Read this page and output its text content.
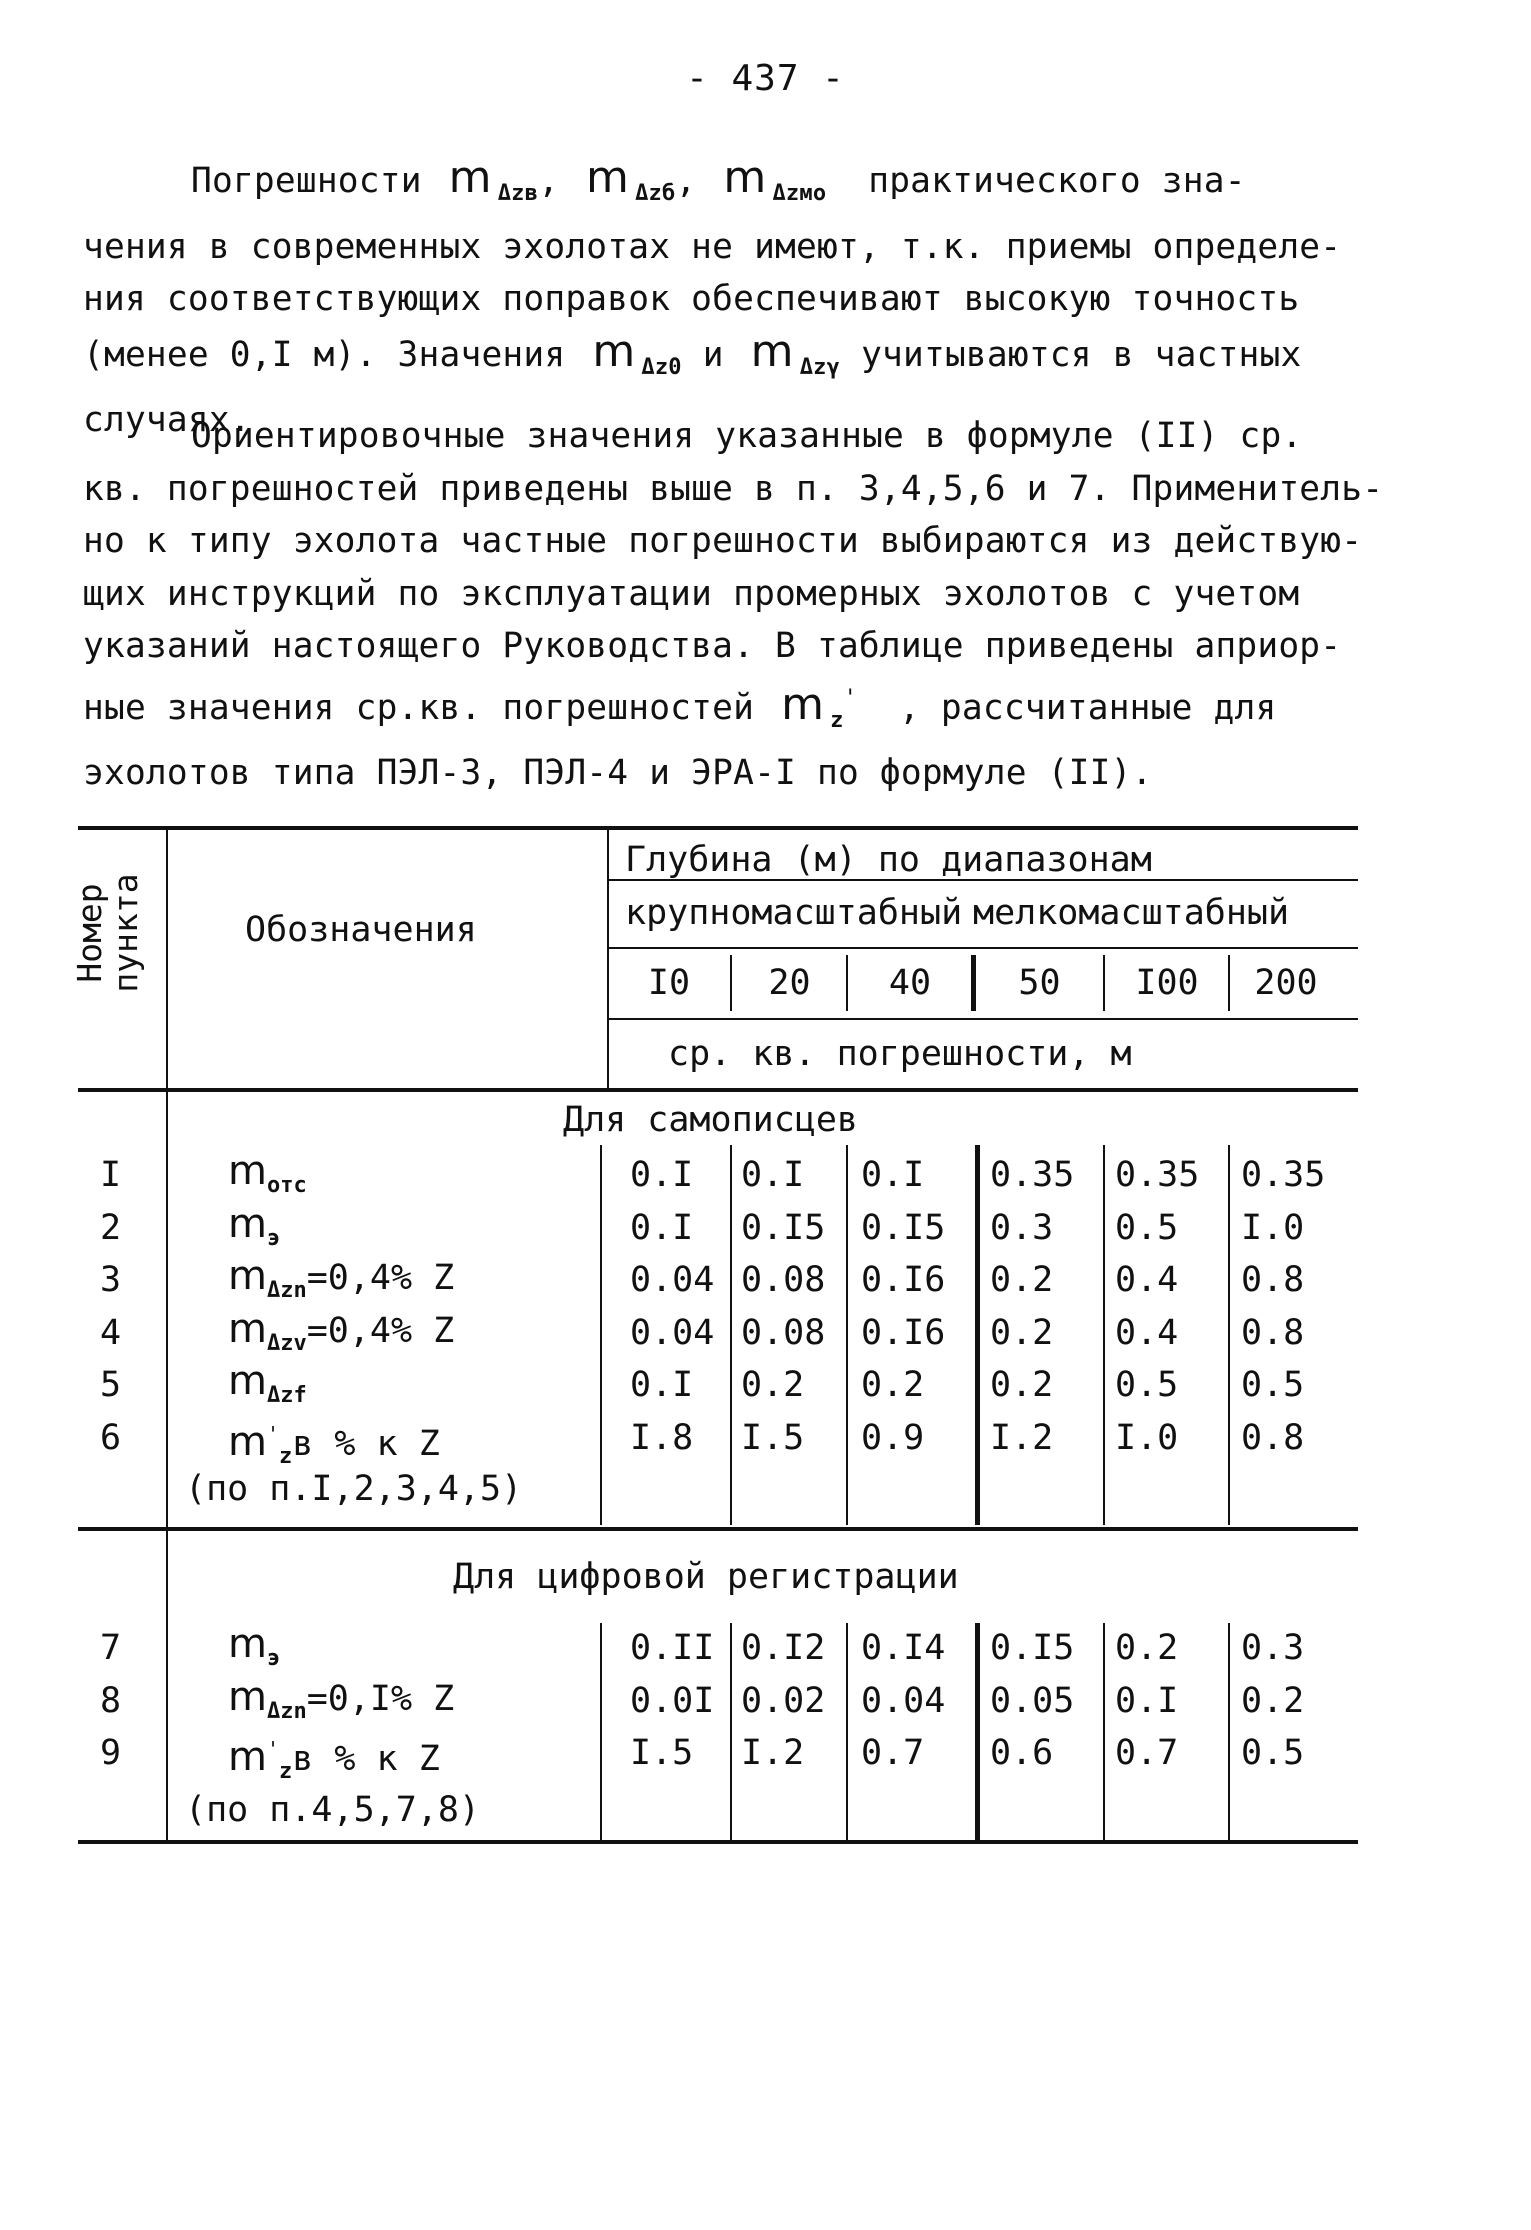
- 437 -
Погрешности m $_{\Delta zв}$, m $_{\Delta zб}$, m $_{\Delta zмо}$ практического зна-
чения в современных эхолотах не имеют, т.к. приемы определе-
ния соответствующих поправок обеспечивают высокую точность
(менее 0,I м). Значения m $_{\Delta z0}$ и m $_{\Delta z\gamma}$ учитываются в частных
случаях.
Ориентировочные значения указанные в формуле (II) ср.
кв. погрешностей приведены выше в п. 3,4,5,6 и 7. Применитель-
но к типу эхолота частные погрешности выбираются из действую-
щих инструкций по эксплуатации промерных эхолотов с учетом
указаний настоящего Руководства. В таблице приведены априор-
ные значения ср.кв. погрешностей m $_z$' , рассчитанные для
эхолотов типа ПЭЛ-3, ПЭЛ-4 и ЭРА-I по формуле (II).
Номер
пункта	Обозначения
Глубина (м) по диапазонам
крупномасштабный мелкомасштабный
I0	20	40	50	I00	200
ср. кв. погрешности, м
Для самописцев
Для цифровой регистрации
I	$m_{отс}$	0.I 0.I 0.I 0.35 0.35 0.35
2	$m_э$	0.I 0.I5 0.I5 0.3 0.5 I.0
3	$m_{\Delta zn}=0,4\%$ Z	0.04 0.08 0.I6 0.2 0.4 0.8
4	$m_{\Delta zv}=0,4\%$ Z	0.04 0.08 0.I6 0.2 0.4 0.8
5	$m_{\Delta zf}$	0.I 0.2 0.2 0.2 0.5 0.5
6	$m'_zв$ % к Z	I.8 I.5 0.9 I.2 I.0 0.8
(по п.I,2,3,4,5)
7	$m_э$	0.II 0.I2 0.I4 0.I5 0.2 0.3
8	$m_{\Delta zn}=0,I\%$ Z	0.0I 0.02 0.04 0.05 0.I 0.2
9	$m'_zв$ % к Z	I.5 I.2 0.7 0.6 0.7 0.5
(по п.4,5,7,8)
